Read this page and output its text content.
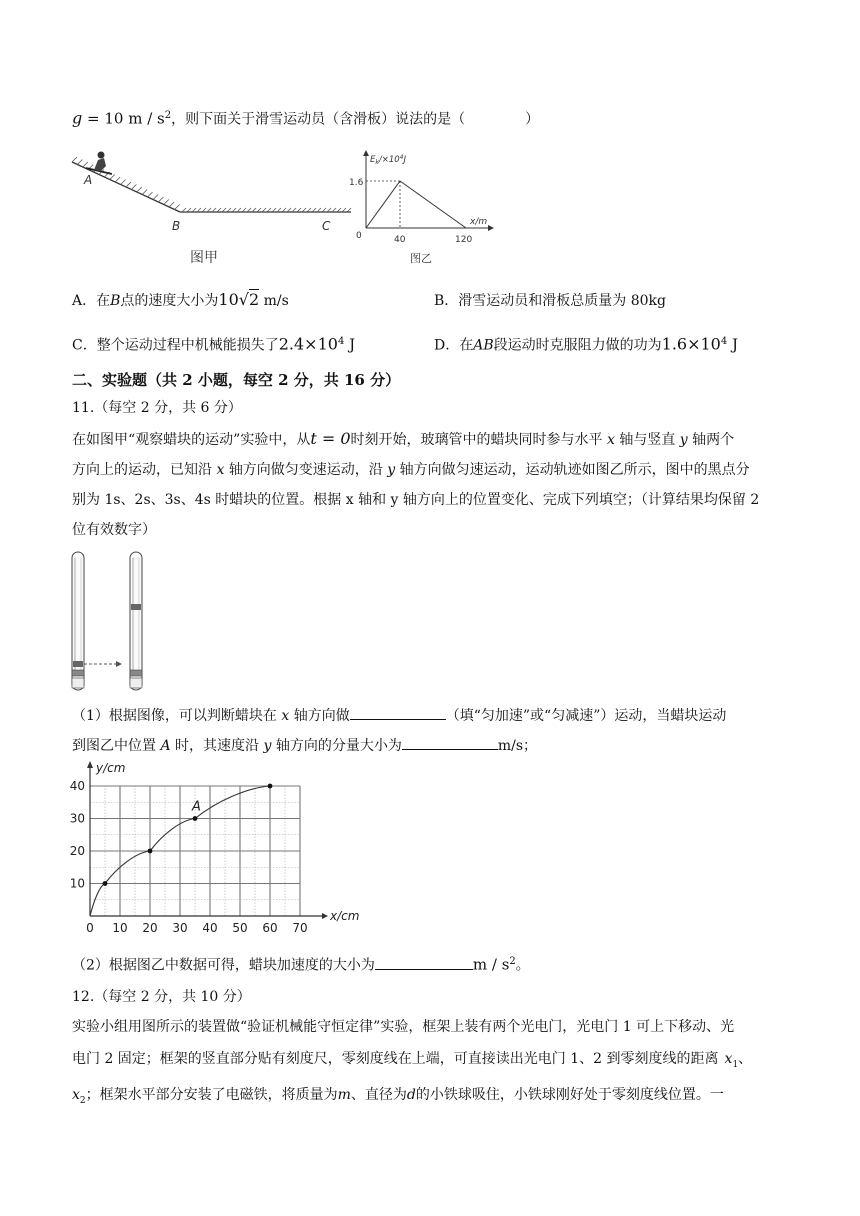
g = 10 m / $s^2$，则下面关于滑雪运动员（含滑板）说法的是（	）
A
B	C
图甲
$E_k/\times 10^4J$
1.6
0	40	120
x/m
图乙
A．在B点的速度大小为10√2 m/s	B．滑雪运动员和滑板总质量为 80kg
C．整个运动过程中机械能损失了$2.4\times 10^4$ J	D．在AB段运动时克服阻力做的功为$1.6\times 10^4$ J
二、实验题（共 2 小题，每空 2 分，共 16 分）
11.（每空 2 分，共 6 分）
在如图甲“观察蜡块的运动”实验中，从t = 0时刻开始，玻璃管中的蜡块同时参与水平 x 轴与竖直 y 轴两个
方向上的运动，已知沿 x 轴方向做匀变速运动，沿 y 轴方向做匀速运动，运动轨迹如图乙所示，图中的黑点分
别为 1s、2s、3s、4s 时蜡块的位置。根据 x 轴和 y 轴方向上的位置变化、完成下列填空；（计算结果均保留 2
位有效数字）
（1）根据图像，可以判断蜡块在 x 轴方向做	（填“匀加速”或“匀减速”）运动，当蜡块运动
到图乙中位置 A 时，其速度沿 y 轴方向的分量大小为	m/s；
0 10 20 30 40 50 60 70
10
20
30
40
x/cm
y/cm
A
（2）根据图乙中数据可得，蜡块加速度的大小为	m / $s^2$。
12.（每空 2 分，共 10 分）
实验小组用图所示的装置做“验证机械能守恒定律”实验，框架上装有两个光电门，光电门 1 可上下移动、光
电门 2 固定；框架的竖直部分贴有刻度尺，零刻度线在上端，可直接读出光电门 1、2 到零刻度线的距离 $x_1$、
$x_2$；框架水平部分安装了电磁铁，将质量为m、直径为d的小铁球吸住，小铁球刚好处于零刻度线位置。一
